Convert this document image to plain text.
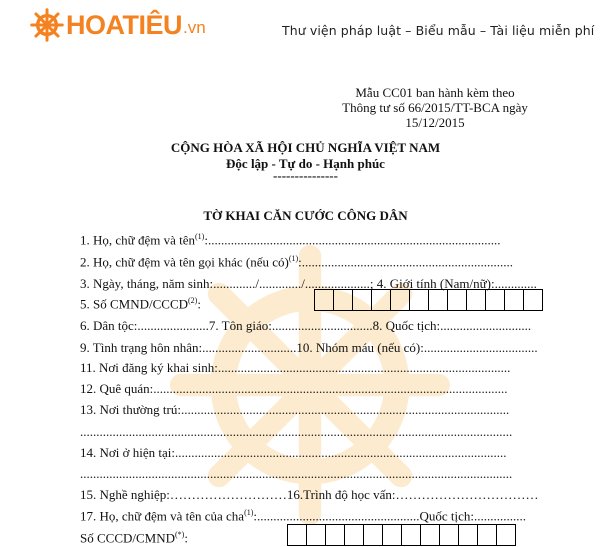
HOATIÊU .vn	Thư viện pháp luật – Biểu mẫu – Tài liệu miễn phí
Mẫu CC01 ban hành kèm theo
Thông tư số 66/2015/TT-BCA ngày
15/12/2015
CỘNG HÒA XÃ HỘI CHỦ NGHĨA VIỆT NAM
Độc lập - Tự do - Hạnh phúc
---------------
TỜ KHAI CĂN CƯỚC CÔNG DÂN
1. Họ, chữ đệm và tên$^{(1)}$:..........................................................................................
2. Họ, chữ đệm và tên gọi khác (nếu có)$^{(1)}$:.................................................................
3. Ngày, tháng, năm sinh:............./............./....................; 4. Giới tính (Nam/nữ):.............
5. Số CMND/CCCD$^{(2)}$:
6. Dân tộc:......................7. Tôn giáo:...............................8. Quốc tịch:............................
9. Tình trạng hôn nhân:.............................10. Nhóm máu (nếu có):...................................
11. Nơi đăng ký khai sinh:..........................................................................................
12. Quê quán:.............................................................................................................
13. Nơi thường trú:.....................................................................................................
.....................................................................................................................................
14. Nơi ở hiện tại:......................................................................................................
.....................................................................................................................................
15. Nghề nghiệp:………………………16.Trình độ học vấn:……………………………
17. Họ, chữ đệm và tên của cha$^{(1)}$:..................................................Quốc tịch:................
Số CCCD/CMND(*):
